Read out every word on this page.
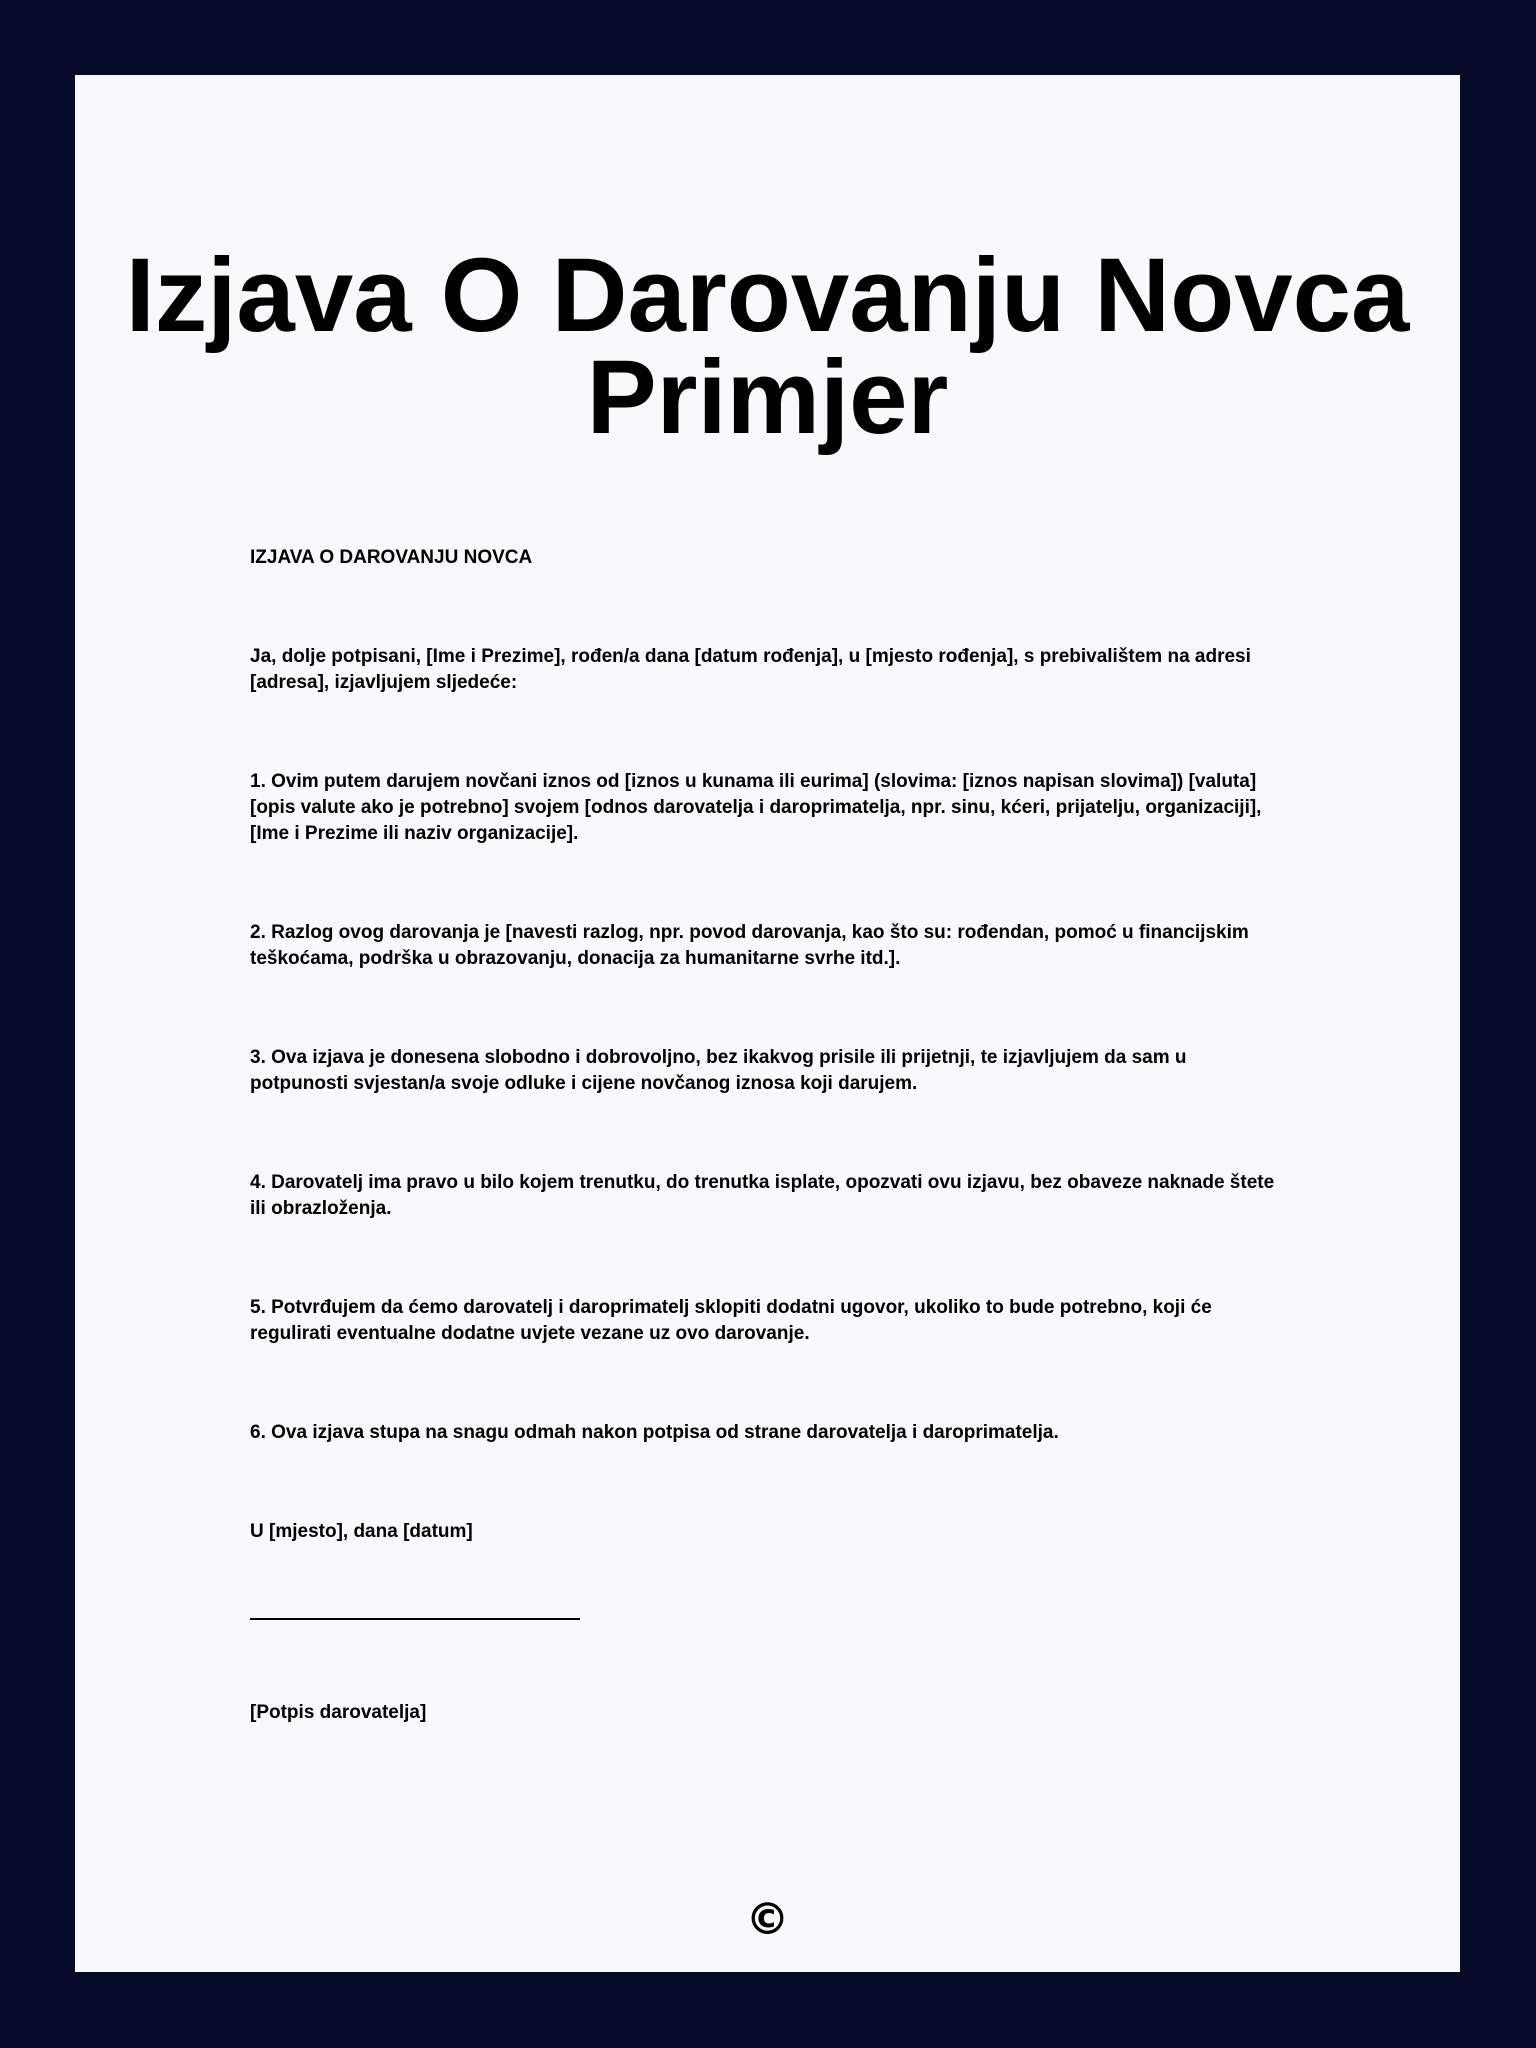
Izjava O Darovanju Novca Primjer

IZJAVA O DAROVANJU NOVCA

Ja, dolje potpisani, [Ime i Prezime], rođen/a dana [datum rođenja], u [mjesto rođenja], s prebivalištem na adresi [adresa], izjavljujem sljedeće:

1. Ovim putem darujem novčani iznos od [iznos u kunama ili eurima] (slovima: [iznos napisan slovima]) [valuta] [opis valute ako je potrebno] svojem [odnos darovatelja i daroprimatelja, npr. sinu, kćeri, prijatelju, organizaciji], [Ime i Prezime ili naziv organizacije].

2. Razlog ovog darovanja je [navesti razlog, npr. povod darovanja, kao što su: rođendan, pomoć u financijskim teškoćama, podrška u obrazovanju, donacija za humanitarne svrhe itd.].

3. Ova izjava je donesena slobodno i dobrovoljno, bez ikakvog prisile ili prijetnji, te izjavljujem da sam u potpunosti svjestan/a svoje odluke i cijene novčanog iznosa koji darujem.

4. Darovatelj ima pravo u bilo kojem trenutku, do trenutka isplate, opozvati ovu izjavu, bez obaveze naknade štete ili obrazloženja.

5. Potvrđujem da ćemo darovatelj i daroprimatelj sklopiti dodatni ugovor, ukoliko to bude potrebno, koji će regulirati eventualne dodatne uvjete vezane uz ovo darovanje.

6. Ova izjava stupa na snagu odmah nakon potpisa od strane darovatelja i daroprimatelja.

U [mjesto], dana [datum]

[Potpis darovatelja]

©
